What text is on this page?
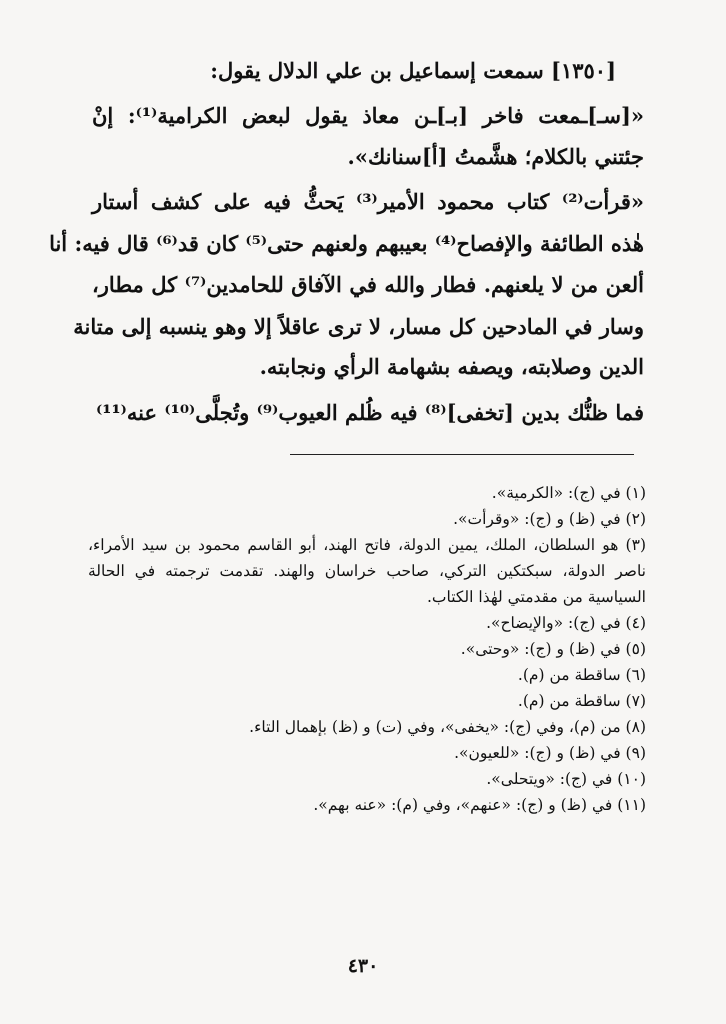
[١٣٥٠] سمعت إسماعيل بن علي الدلال يقول:
«[سـ]ـمعت فاخر [بـ]ـن معاذ يقول لبعض الكرامية⁽¹⁾: إنْ
جئتني بالكلام؛ هشَّمتُ [أ]سنانك».
«قرأت⁽²⁾ كتاب محمود الأمير⁽³⁾ يَحثُّ فيه على كشف أستار
هٰذه الطائفة والإفصاح⁽⁴⁾ بعيبهم ولعنهم حتى⁽⁵⁾ كان قد⁽⁶⁾ قال فيه: أنا
ألعن من لا يلعنهم. فطار والله في الآفاق للحامدين⁽⁷⁾ كل مطار،
وسار في المادحين كل مسار، لا ترى عاقلاً إلا وهو ينسبه إلى متانة
الدين وصلابته، ويصفه بشهامة الرأي ونجابته.
فما ظنُّك بدين [تخفى]⁽⁸⁾ فيه ظُلم العيوب⁽⁹⁾ وتُجلَّى⁽¹⁰⁾ عنه⁽¹¹⁾
(١) في (ج): «الكرمية».
(٢) في (ظ) و (ج): «وقرأت».
(٣) هو السلطان، الملك، يمين الدولة، فاتح الهند، أبو القاسم محمود بن سيد الأمراء، ناصر الدولة، سبكتكين التركي، صاحب خراسان والهند. تقدمت ترجمته في الحالة السياسية من مقدمتي لهٰذا الكتاب.
(٤) في (ج): «والإيضاح».
(٥) في (ظ) و (ج): «وحتى».
(٦) ساقطة من (م).
(٧) ساقطة من (م).
(٨) من (م)، وفي (ج): «يخفى»، وفي (ت) و (ظ) بإهمال التاء.
(٩) في (ظ) و (ج): «للعيون».
(١٠) في (ج): «ويتحلى».
(١١) في (ظ) و (ج): «عنهم»، وفي (م): «عنه بهم».
٤٣٠
